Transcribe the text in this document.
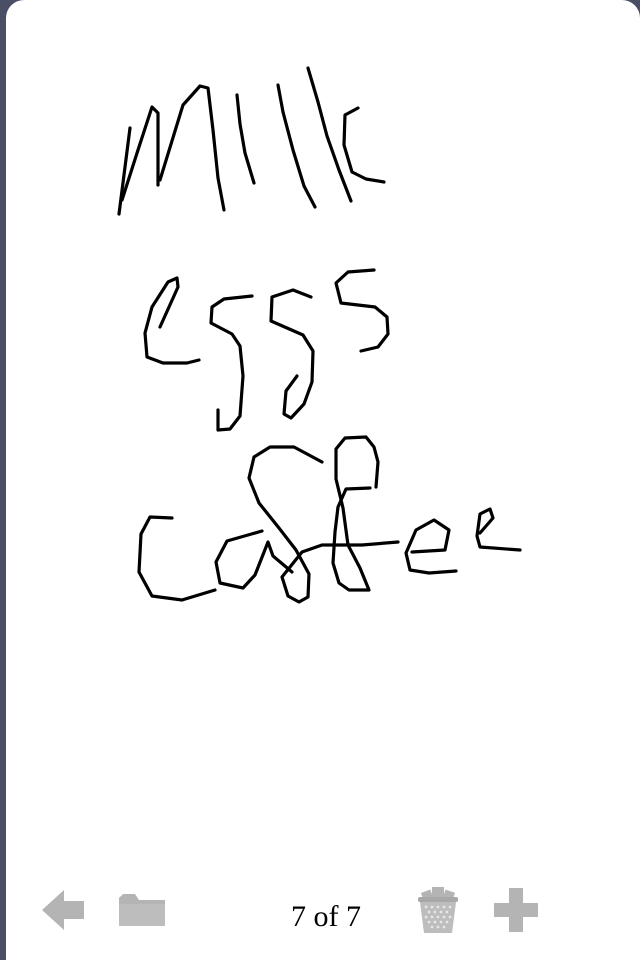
7 of 7
